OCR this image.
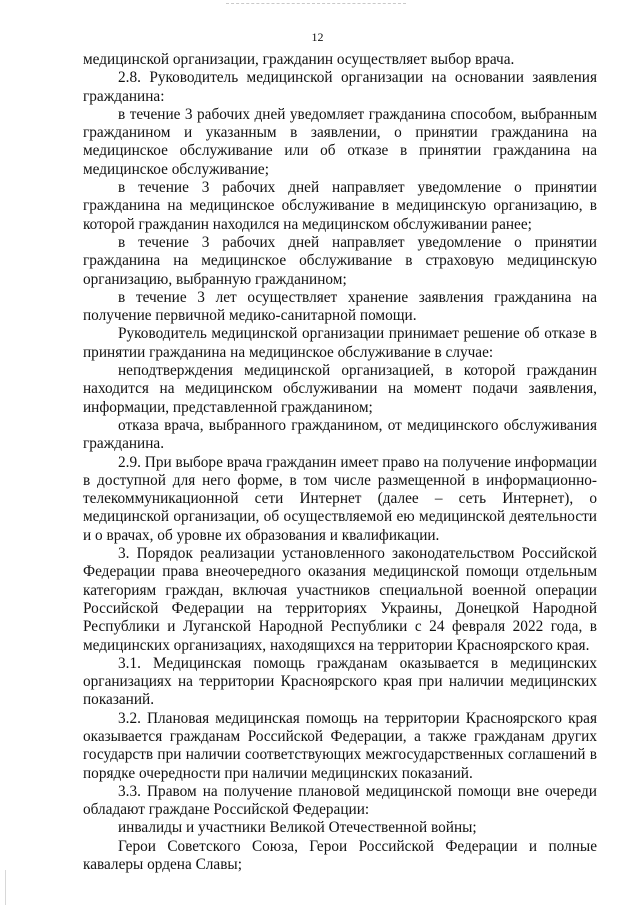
12

медицинской организации, гражданин осуществляет выбор врача.

2.8. Руководитель медицинской организации на основании заявления гражданина:

в течение 3 рабочих дней уведомляет гражданина способом, выбранным гражданином и указанным в заявлении, о принятии гражданина на медицинское обслуживание или об отказе в принятии гражданина на медицинское обслуживание;

в течение 3 рабочих дней направляет уведомление о принятии гражданина на медицинское обслуживание в медицинскую организацию, в которой гражданин находился на медицинском обслуживании ранее;

в течение 3 рабочих дней направляет уведомление о принятии гражданина на медицинское обслуживание в страховую медицинскую организацию, выбранную гражданином;

в течение 3 лет осуществляет хранение заявления гражданина на получение первичной медико-санитарной помощи.

Руководитель медицинской организации принимает решение об отказе в принятии гражданина на медицинское обслуживание в случае:

неподтверждения медицинской организацией, в которой гражданин находится на медицинском обслуживании на момент подачи заявления, информации, представленной гражданином;

отказа врача, выбранного гражданином, от медицинского обслуживания гражданина.

2.9. При выборе врача гражданин имеет право на получение информации в доступной для него форме, в том числе размещенной в информационно-телекоммуникационной сети Интернет (далее – сеть Интернет), о медицинской организации, об осуществляемой ею медицинской деятельности и о врачах, об уровне их образования и квалификации.

3. Порядок реализации установленного законодательством Российской Федерации права внеочередного оказания медицинской помощи отдельным категориям граждан, включая участников специальной военной операции Российской Федерации на территориях Украины, Донецкой Народной Республики и Луганской Народной Республики с 24 февраля 2022 года, в медицинских организациях, находящихся на территории Красноярского края.

3.1. Медицинская помощь гражданам оказывается в медицинских организациях на территории Красноярского края при наличии медицинских показаний.

3.2. Плановая медицинская помощь на территории Красноярского края оказывается гражданам Российской Федерации, а также гражданам других государств при наличии соответствующих межгосударственных соглашений в порядке очередности при наличии медицинских показаний.

3.3. Правом на получение плановой медицинской помощи вне очереди обладают граждане Российской Федерации:

инвалиды и участники Великой Отечественной войны;

Герои Советского Союза, Герои Российской Федерации и полные кавалеры ордена Славы;
